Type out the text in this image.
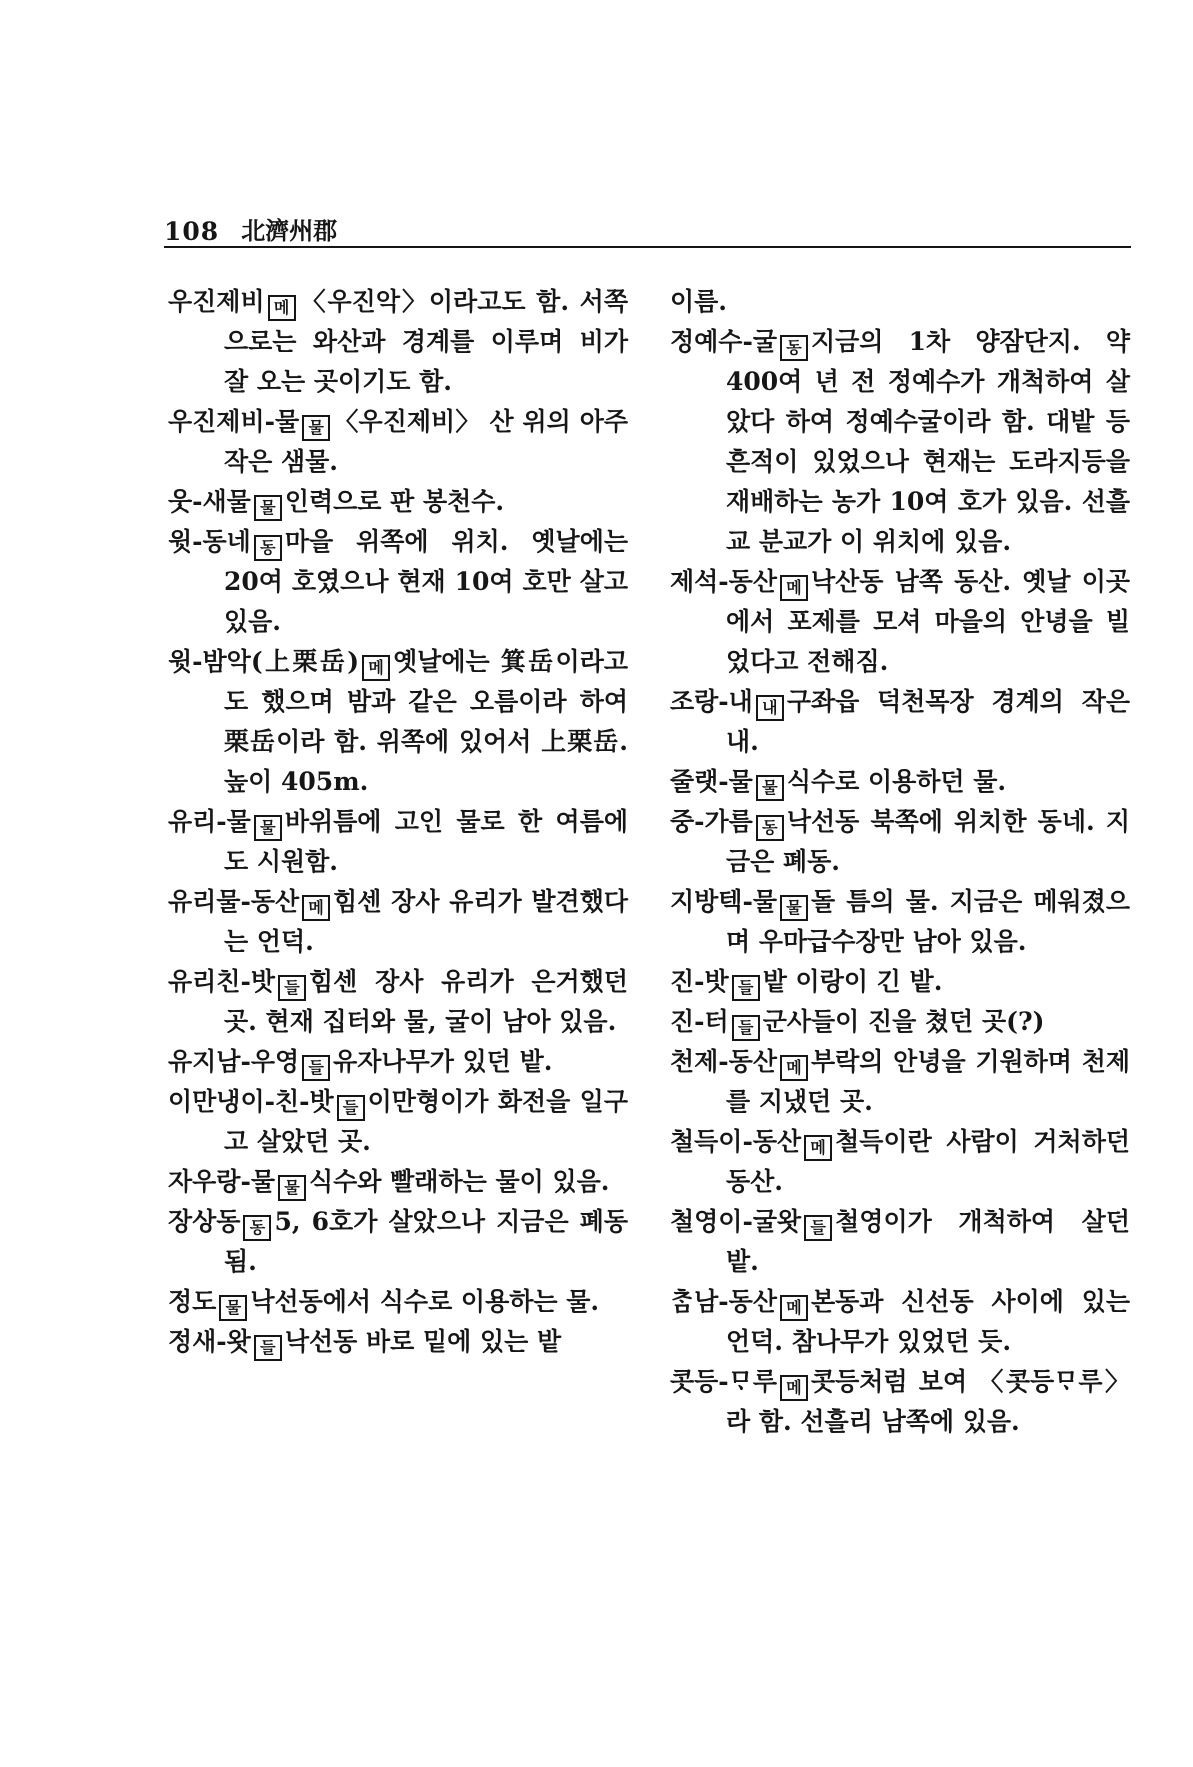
108 北濟州郡

우진제비 메 〈우진악〉이라고도 함. 서쪽으로는 와산과 경계를 이루며 비가 잘 오는 곳이기도 함.

우진제비-물 물 〈우진제비〉 산 위의 아주 작은 샘물.

웃-새물 물 인력으로 판 봉천수.

윗-동네 동 마을 위쪽에 위치. 옛날에는 20여 호였으나 현재 10여 호만 살고 있음.

윗-밤악(上栗岳) 메 옛날에는 箕岳이라고도 했으며 밤과 같은 오름이라 하여 栗岳이라 함. 위쪽에 있어서 上栗岳. 높이 405m.

유리-물 물 바위틈에 고인 물로 한 여름에도 시원함.

유리물-동산 메 힘센 장사 유리가 발견했다는 언덕.

유리친-밧 들 힘센 장사 유리가 은거했던 곳. 현재 집터와 물, 굴이 남아 있음.

유지남-우영 들 유자나무가 있던 밭.

이만냉이-친-밧 들 이만형이가 화전을 일구고 살았던 곳.

자우랑-물 물 식수와 빨래하는 물이 있음.

장상동 동 5, 6호가 살았으나 지금은 폐동됨.

정도 물 낙선동에서 식수로 이용하는 물.

정새-왓 들 낙선동 바로 밑에 있는 밭

이름.

정예수-굴 동 지금의 1차 양잠단지. 약 400여 년 전 정예수가 개척하여 살았다 하여 정예수굴이라 함. 대밭 등 흔적이 있었으나 현재는 도라지등을 재배하는 농가 10여 호가 있음. 선흘교 분교가 이 위치에 있음.

제석-동산 메 낙산동 남쪽 동산. 옛날 이곳에서 포제를 모셔 마을의 안녕을 빌었다고 전해짐.

조랑-내 내 구좌읍 덕천목장 경계의 작은 내.

줄랫-물 물 식수로 이용하던 물.

중-가름 동 낙선동 북쪽에 위치한 동네. 지금은 폐동.

지방텍-물 물 돌 틈의 물. 지금은 메워졌으며 우마급수장만 남아 있음.

진-밧 들 밭 이랑이 긴 밭.

진-터 들 군사들이 진을 쳤던 곳(?)

천제-동산 메 부락의 안녕을 기원하며 천제를 지냈던 곳.

철득이-동산 메 철득이란 사람이 거처하던 동산.

철영이-굴왓 들 철영이가 개척하여 살던 밭.

ᄎᆞᆷ남-동산 메 본동과 신선동 사이에 있는 언덕. 참나무가 있었던 듯.

콧등-ᄆᆞ루 메 콧등처럼 보여 〈콧등ᄆᆞ루〉라 함. 선흘리 남쪽에 있음.
